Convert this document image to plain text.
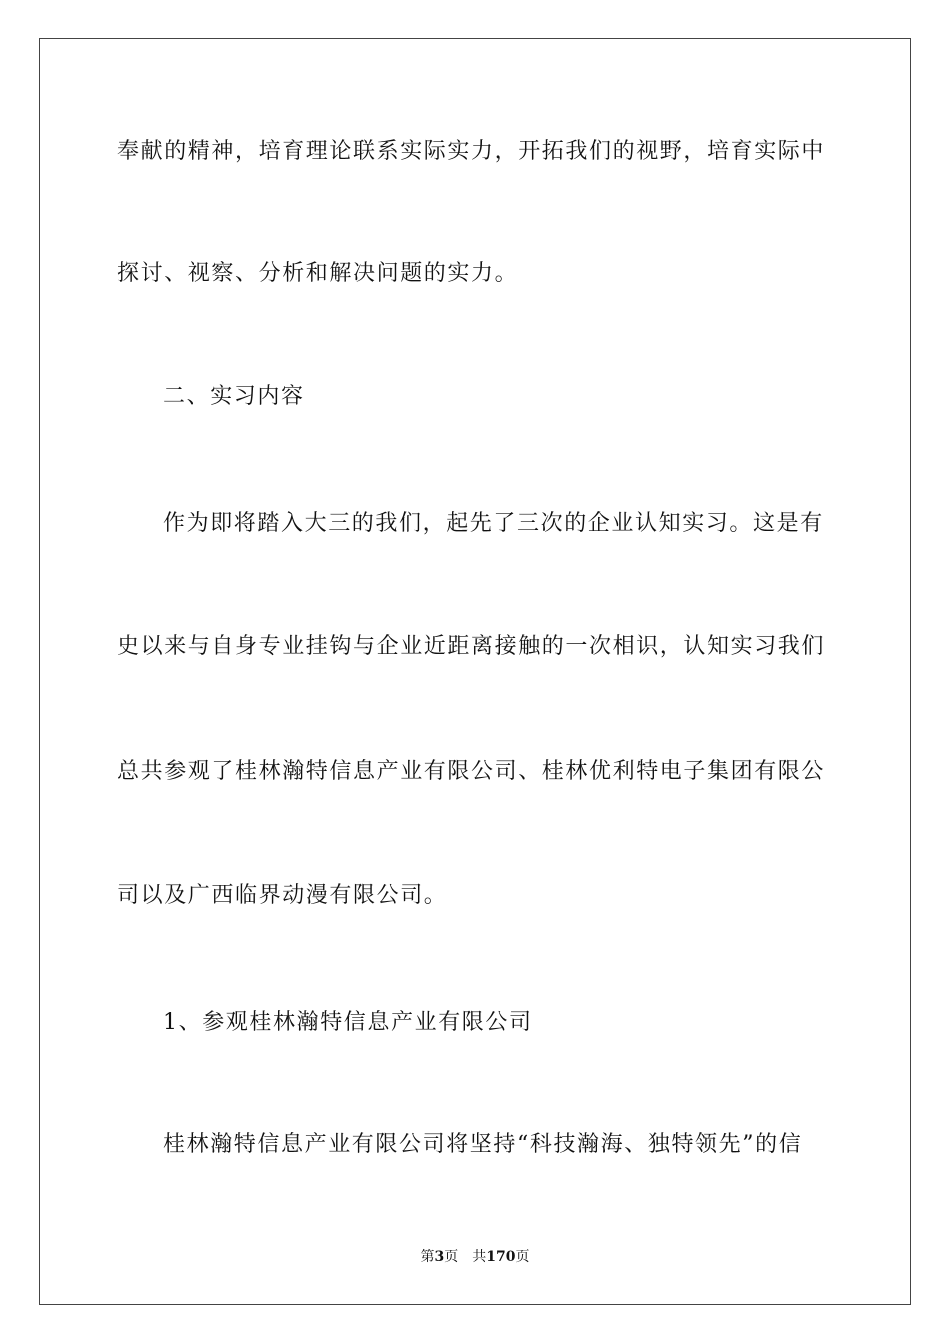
奉献的精神，培育理论联系实际实力，开拓我们的视野，培育实际中
探讨、视察、分析和解决问题的实力。
二、实习内容
作为即将踏入大三的我们，起先了三次的企业认知实习。这是有
史以来与自身专业挂钩与企业近距离接触的一次相识，认知实习我们
总共参观了桂林瀚特信息产业有限公司、桂林优利特电子集团有限公
司以及广西临界动漫有限公司。
1、参观桂林瀚特信息产业有限公司
桂林瀚特信息产业有限公司将坚持“科技瀚海、独特领先”的信
第3页 共170页
